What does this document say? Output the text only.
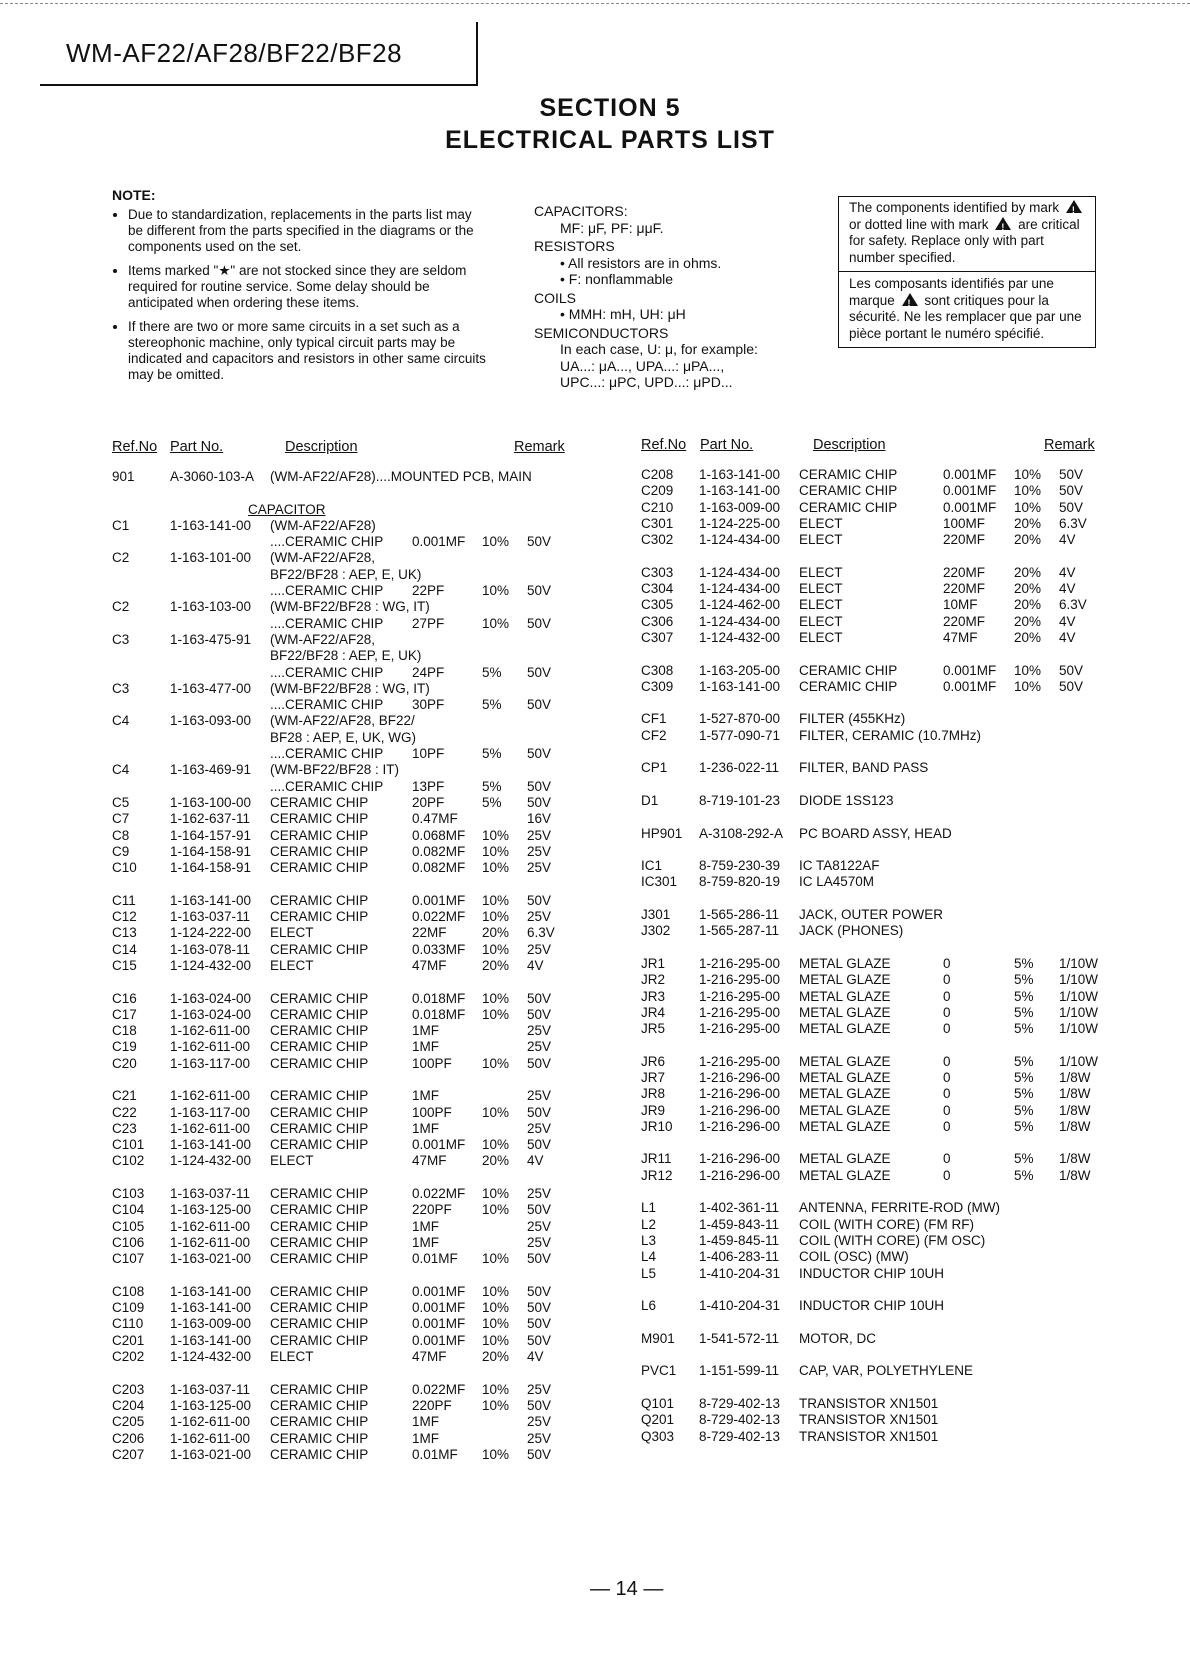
WM-AF22/AF28/BF22/BF28
SECTION 5
ELECTRICAL PARTS LIST
NOTE:
• Due to standardization, replacements in the parts list may be different from the parts specified in the diagrams or the components used on the set.
• Items marked "★" are not stocked since they are seldom required for routine service. Some delay should be anticipated when ordering these items.
• If there are two or more same circuits in a set such as a stereophonic machine, only typical circuit parts may be indicated and capacitors and resistors in other same circuits may be omitted.
CAPACITORS:
MF: μF, PF: μμF.
RESISTORS
• All resistors are in ohms.
• F: nonflammable
COILS
• MMH: mH, UH: μH
SEMICONDUCTORS
In each case, U: μ, for example:
UA...: μA..., UPA...: μPA...,
UPC...: μPC, UPD...: μPD...
The components identified by mark ! or dotted line with mark ! are critical for safety. Replace only with part number specified.
Les composants identifiés par une marque ! sont critiques pour la sécurité. Ne les remplacer que par une pièce portant le numéro spécifié.
Ref.No Part No.	Description	Remark	Ref.No Part No.	Description	Remark
901	A-3060-103-A (WM-AF22/AF28)....MOUNTED PCB, MAIN
CAPACITOR
C1	1-163-141-00 (WM-AF22/AF28)
....CERAMIC CHIP 0.001MF 10% 50V
C2	1-163-101-00 (WM-AF22/AF28,
BF22/BF28 : AEP, E, UK)
....CERAMIC CHIP 22PF	10% 50V
C2	1-163-103-00 (WM-BF22/BF28 : WG, IT)
....CERAMIC CHIP 27PF	10% 50V
C3	1-163-475-91 (WM-AF22/AF28,
BF22/BF28 : AEP, E, UK)
....CERAMIC CHIP 24PF	5% 50V
C3	1-163-477-00 (WM-BF22/BF28 : WG, IT)
....CERAMIC CHIP 30PF	5% 50V
C4	1-163-093-00 (WM-AF22/AF28, BF22/
BF28 : AEP, E, UK, WG)
....CERAMIC CHIP 10PF	5% 50V
C4	1-163-469-91 (WM-BF22/BF28 : IT)
....CERAMIC CHIP 13PF	5% 50V
C5	1-163-100-00 CERAMIC CHIP	20PF	5% 50V
C7	1-162-637-11 CERAMIC CHIP	0.47MF	16V
C8	1-164-157-91 CERAMIC CHIP	0.068MF 10% 25V
C9	1-164-158-91 CERAMIC CHIP	0.082MF 10% 25V
C10 1-164-158-91 CERAMIC CHIP	0.082MF 10% 25V
C11	1-163-141-00 CERAMIC CHIP	0.001MF 10% 50V
C12 1-163-037-11 CERAMIC CHIP	0.022MF 10% 25V
C13 1-124-222-00 ELECT	22MF	20% 6.3V
C14 1-163-078-11 CERAMIC CHIP	0.033MF 10% 25V
C15 1-124-432-00 ELECT	47MF	20% 4V
C16 1-163-024-00 CERAMIC CHIP	0.018MF 10% 50V
C17 1-163-024-00 CERAMIC CHIP	0.018MF 10% 50V
C18 1-162-611-00 CERAMIC CHIP	1MF	25V
C19 1-162-611-00 CERAMIC CHIP	1MF	25V
C20 1-163-117-00 CERAMIC CHIP	100PF 10% 50V
C21 1-162-611-00 CERAMIC CHIP	1MF	25V
C22 1-163-117-00 CERAMIC CHIP	100PF 10% 50V
C23 1-162-611-00 CERAMIC CHIP	1MF	25V
C101 1-163-141-00 CERAMIC CHIP	0.001MF 10% 50V
C102 1-124-432-00 ELECT	47MF	20% 4V
C103 1-163-037-11 CERAMIC CHIP	0.022MF 10% 25V
C104 1-163-125-00 CERAMIC CHIP	220PF 10% 50V
C105 1-162-611-00 CERAMIC CHIP	1MF	25V
C106 1-162-611-00 CERAMIC CHIP	1MF	25V
C107 1-163-021-00 CERAMIC CHIP	0.01MF 10% 50V
C108 1-163-141-00 CERAMIC CHIP	0.001MF 10% 50V
C109 1-163-141-00 CERAMIC CHIP	0.001MF 10% 50V
C110 1-163-009-00 CERAMIC CHIP	0.001MF 10% 50V
C201 1-163-141-00 CERAMIC CHIP	0.001MF 10% 50V
C202 1-124-432-00 ELECT	47MF	20% 4V
C203 1-163-037-11 CERAMIC CHIP	0.022MF 10% 25V
C204 1-163-125-00 CERAMIC CHIP	220PF 10% 50V
C205 1-162-611-00 CERAMIC CHIP	1MF	25V
C206 1-162-611-00 CERAMIC CHIP	1MF	25V
C207 1-163-021-00 CERAMIC CHIP	0.01MF 10% 50V
C208 1-163-141-00 CERAMIC CHIP	0.001MF 10% 50V
C209 1-163-141-00 CERAMIC CHIP	0.001MF 10% 50V
C210 1-163-009-00 CERAMIC CHIP	0.001MF 10% 50V
C301 1-124-225-00 ELECT	100MF 20% 6.3V
C302 1-124-434-00 ELECT	220MF 20% 4V
C303 1-124-434-00 ELECT	220MF 20% 4V
C304 1-124-434-00 ELECT	220MF 20% 4V
C305 1-124-462-00 ELECT	10MF	20% 6.3V
C306 1-124-434-00 ELECT	220MF 20% 4V
C307 1-124-432-00 ELECT	47MF	20% 4V
C308 1-163-205-00 CERAMIC CHIP	0.001MF 10% 50V
C309 1-163-141-00 CERAMIC CHIP	0.001MF 10% 50V
CF1 1-527-870-00 FILTER (455KHz)
CF2 1-577-090-71 FILTER, CERAMIC (10.7MHz)
CP1 1-236-022-11 FILTER, BAND PASS
D1	8-719-101-23 DIODE 1SS123
HP901 A-3108-292-A PC BOARD ASSY, HEAD
IC1	8-759-230-39 IC TA8122AF
IC301 8-759-820-19 IC LA4570M
J301 1-565-286-11 JACK, OUTER POWER
J302 1-565-287-11 JACK (PHONES)
JR1	1-216-295-00 METAL GLAZE	0	5% 1/10W
JR2	1-216-295-00 METAL GLAZE	0	5% 1/10W
JR3	1-216-295-00 METAL GLAZE	0	5% 1/10W
JR4	1-216-295-00 METAL GLAZE	0	5% 1/10W
JR5	1-216-295-00 METAL GLAZE	0	5% 1/10W
JR6	1-216-295-00 METAL GLAZE	0	5% 1/10W
JR7	1-216-296-00 METAL GLAZE	0	5% 1/8W
JR8	1-216-296-00 METAL GLAZE	0	5% 1/8W
JR9	1-216-296-00 METAL GLAZE	0	5% 1/8W
JR10 1-216-296-00 METAL GLAZE	0	5% 1/8W
JR11 1-216-296-00 METAL GLAZE	0	5% 1/8W
JR12 1-216-296-00 METAL GLAZE	0	5% 1/8W
L1	1-402-361-11 ANTENNA, FERRITE-ROD (MW)
L2	1-459-843-11 COIL (WITH CORE) (FM RF)
L3	1-459-845-11 COIL (WITH CORE) (FM OSC)
L4	1-406-283-11 COIL (OSC) (MW)
L5	1-410-204-31 INDUCTOR CHIP 10UH
L6	1-410-204-31 INDUCTOR CHIP 10UH
M901 1-541-572-11 MOTOR, DC
PVC1 1-151-599-11 CAP, VAR, POLYETHYLENE
Q101 8-729-402-13 TRANSISTOR XN1501
Q201 8-729-402-13 TRANSISTOR XN1501
Q303 8-729-402-13 TRANSISTOR XN1501
— 14 —
